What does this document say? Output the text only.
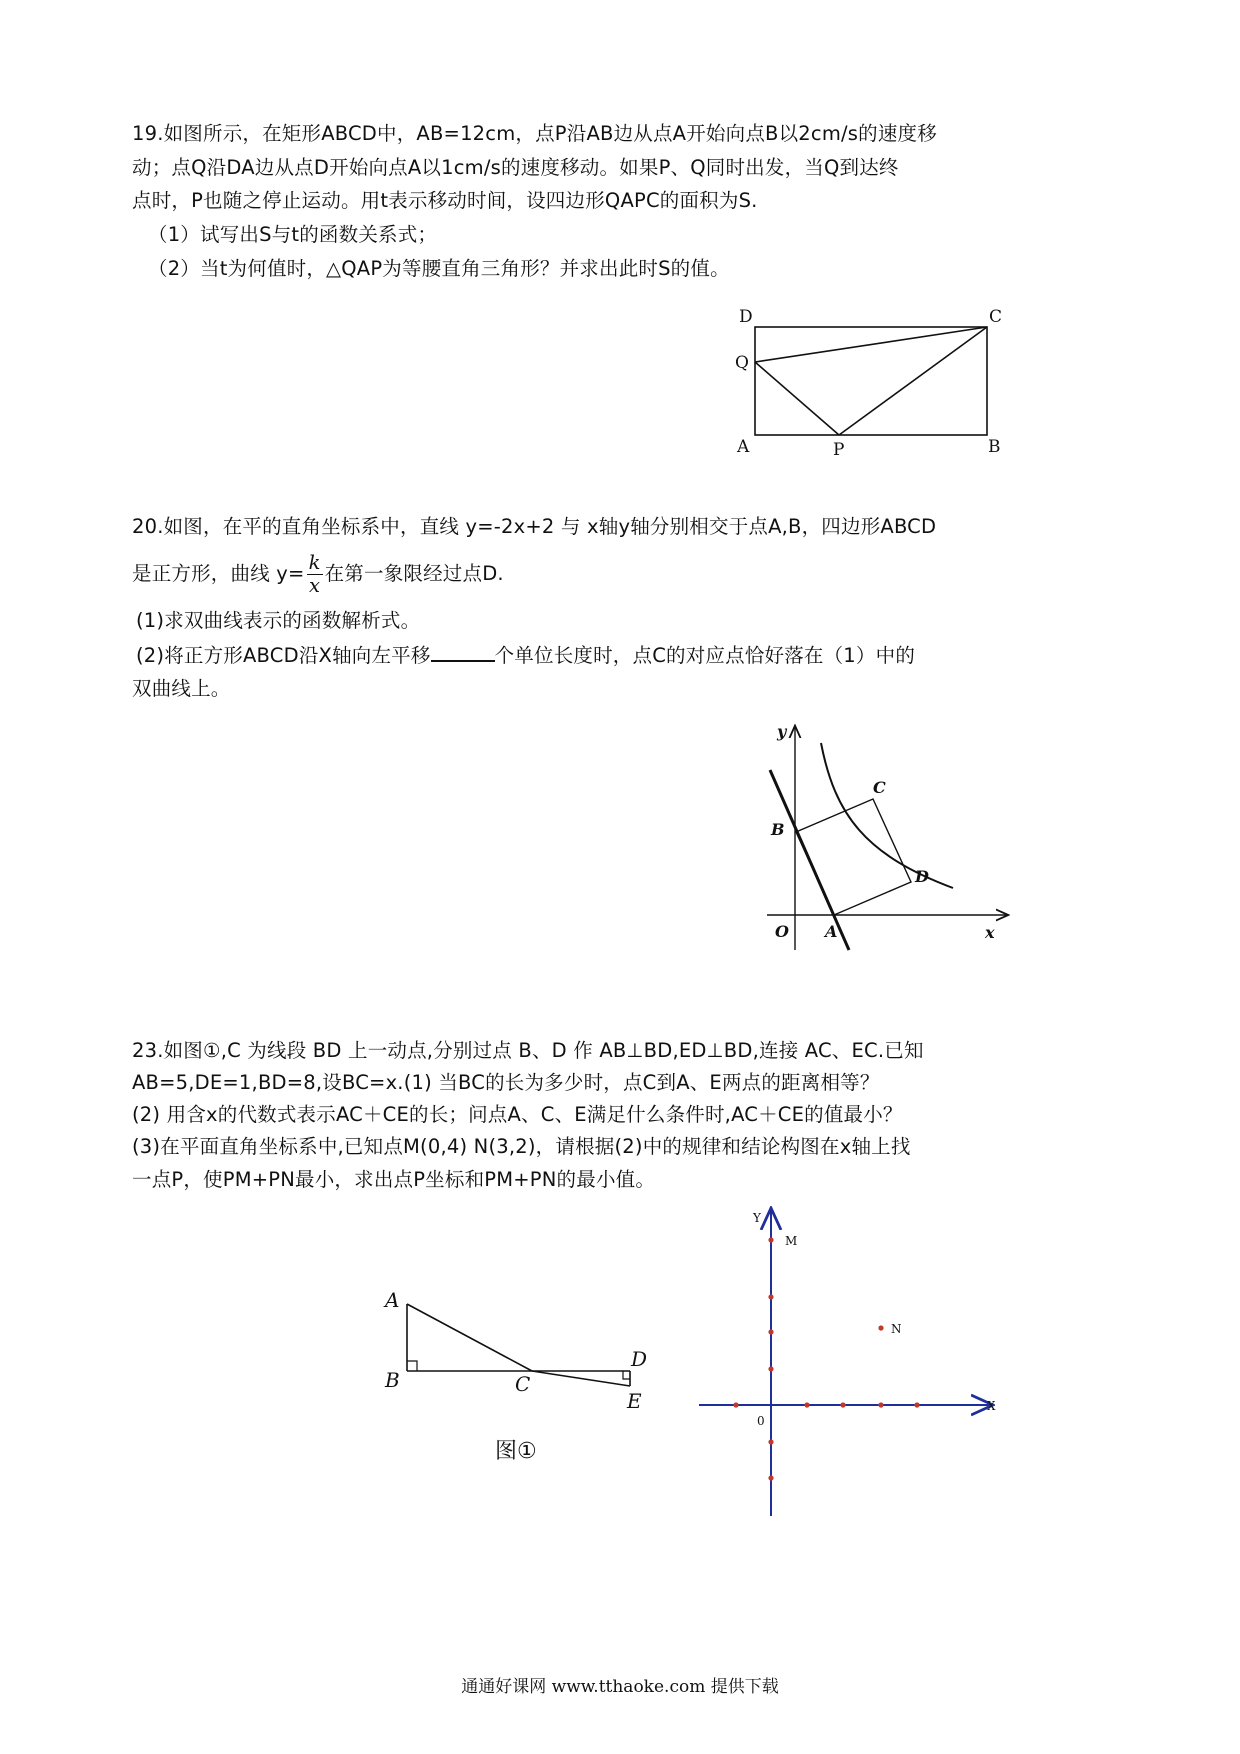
19.如图所示，在矩形ABCD中，AB=12cm，点P沿AB边从点A开始向点B以2cm/s的速度移
动；点Q沿DA边从点D开始向点A以1cm/s的速度移动。如果P、Q同时出发，当Q到达终
点时，P也随之停止运动。用t表示移动时间，设四边形QAPC的面积为S.
（1）试写出S与t的函数关系式；
（2）当t为何值时，△QAP为等腰直角三角形？并求出此时S的值。
D	C
Q
A	P	B
20.如图，在平的直角坐标系中，直线 y=-2x+2 与 x轴y轴分别相交于点A,B，四边形ABCD
是正方形，曲线 $y= \frac{k}{x}$ 在第一象限经过点D.
(1)求双曲线表示的函数解析式。
(2)将正方形ABCD沿X轴向左平移	个单位长度时，点C的对应点恰好落在（1）中的
双曲线上。
y
x
O A
B
C
D
23.如图①,C 为线段 BD 上一动点,分别过点 B、D 作 AB⊥BD,ED⊥BD,连接 AC、EC.已知
AB=5,DE=1,BD=8,设BC=x.(1) 当BC的长为多少时，点C到A、E两点的距离相等？
(2) 用含x的代数式表示AC＋CE的长；问点A、C、E满足什么条件时,AC＋CE的值最小？
(3)在平面直角坐标系中,已知点M(0,4) N(3,2)，请根据(2)中的规律和结论构图在x轴上找
一点P，使PM+PN最小，求出点P坐标和PM+PN的最小值。
A
B	C
D
E
图①
Y
X
0
M
N
通通好课网 www.tthaoke.com 提供下载
